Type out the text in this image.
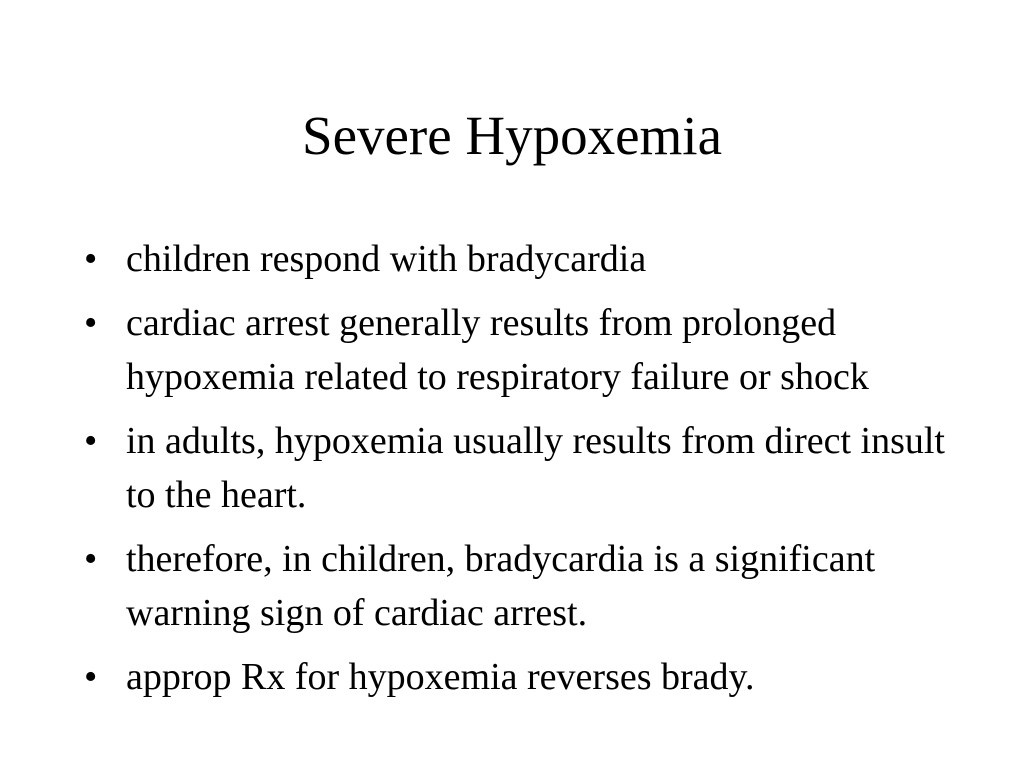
Severe Hypoxemia
• children respond with bradycardia
• cardiac arrest generally results from prolonged hypoxemia related to respiratory failure or shock
• in adults, hypoxemia usually results from direct insult to the heart.
• therefore, in children, bradycardia is a significant warning sign of cardiac arrest.
• approp Rx for hypoxemia reverses brady.
